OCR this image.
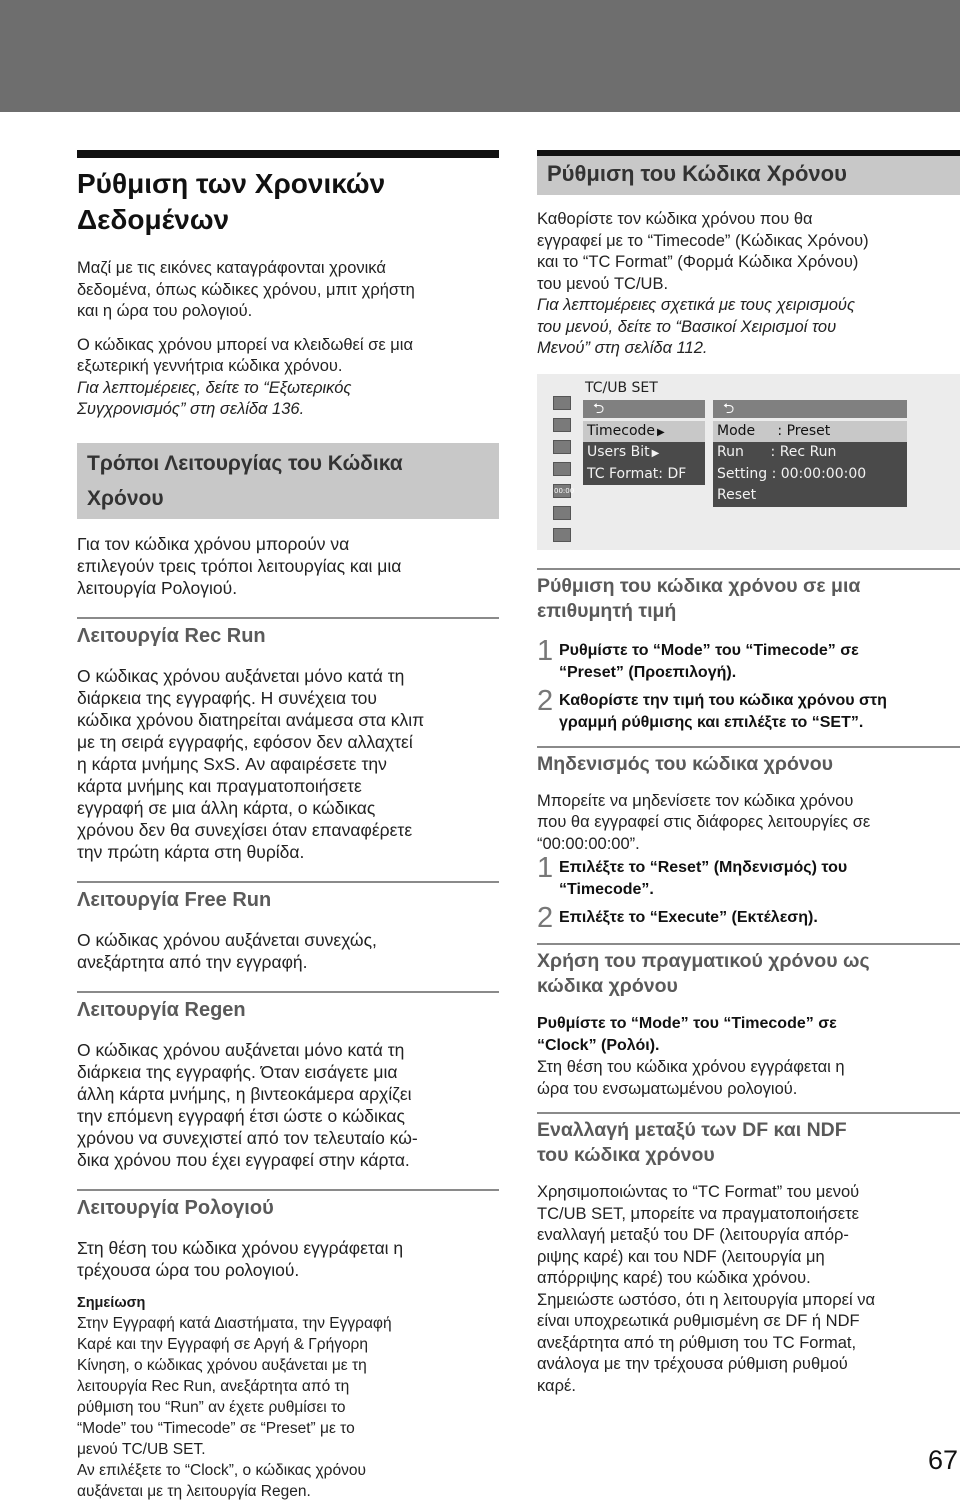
Ρύθμιση των Χρονικών
Δεδομένων
Μαζί με τις εικόνες καταγράφονται χρονικά
δεδομένα, όπως κώδικες χρόνου, μπιτ χρήστη
και η ώρα του ρολογιού.
Ο κώδικας χρόνου μπορεί να κλειδωθεί σε μια
εξωτερική γεννήτρια κώδικα χρόνου.
Για λεπτομέρειες, δείτε το “Εξωτερικός
Συγχρονισμός” στη σελίδα 136.
Τρόποι Λειτουργίας του Κώδικα
Χρόνου
Για τον κώδικα χρόνου μπορούν να
επιλεγούν τρεις τρόποι λειτουργίας και μια
λειτουργία Ρολογιού.
Λειτουργία Rec Run
Ο κώδικας χρόνου αυξάνεται μόνο κατά τη
διάρκεια της εγγραφής. Η συνέχεια του
κώδικα χρόνου διατηρείται ανάμεσα στα κλιπ
με τη σειρά εγγραφής, εφόσον δεν αλλαχτεί
η κάρτα μνήμης SxS. Αν αφαιρέσετε την
κάρτα μνήμης και πραγματοποιήσετε
εγγραφή σε μια άλλη κάρτα, ο κώδικας
χρόνου δεν θα συνεχίσει όταν επαναφέρετε
την πρώτη κάρτα στη θυρίδα.
Λειτουργία Free Run
Ο κώδικας χρόνου αυξάνεται συνεχώς,
ανεξάρτητα από την εγγραφή.
Λειτουργία Regen
Ο κώδικας χρόνου αυξάνεται μόνο κατά τη
διάρκεια της εγγραφής. Όταν εισάγετε μια
άλλη κάρτα μνήμης, η βιντεοκάμερα αρχίζει
την επόμενη εγγραφή έτσι ώστε ο κώδικας
χρόνου να συνεχιστεί από τον τελευταίο κώ-
δικα χρόνου που έχει εγγραφεί στην κάρτα.
Λειτουργία Ρολογιού
Στη θέση του κώδικα χρόνου εγγράφεται η
τρέχουσα ώρα του ρολογιού.
Σημείωση
Στην Εγγραφή κατά Διαστήματα, την Εγγραφή
Καρέ και την Εγγραφή σε Αργή & Γρήγορη
Κίνηση, ο κώδικας χρόνου αυξάνεται με τη
λειτουργία Rec Run, ανεξάρτητα από τη
ρύθμιση του “Run” αν έχετε ρυθμίσει το
“Mode” του “Timecode” σε “Preset” με το
μενού TC/UB SET.
Αν επιλέξετε το “Clock”, ο κώδικας χρόνου
αυξάνεται με τη λειτουργία Regen.
Ρύθμιση του Κώδικα Χρόνου
Καθορίστε τον κώδικα χρόνου που θα
εγγραφεί με το “Timecode” (Κώδικας Χρόνου)
και το “TC Format” (Φορμά Κώδικα Χρόνου)
του μενού TC/UB.
Για λεπτομέρειες σχετικά με τους χειρισμούς
του μενού, δείτε το “Βασικοί Χειρισμοί του
Μενού” στη σελίδα 112.
TC/UB SET
00:00
⮌
Timecode ▶
Users Bit ▶
TC Format: DF
⮌
Mode     : Preset
Run      : Rec Run
Setting : 00:00:00:00
Reset
Ρύθμιση του κώδικα χρόνου σε μια
επιθυμητή τιμή
1 Ρυθμίστε το “Mode” του “Timecode” σε
“Preset” (Προεπιλογή).
2 Καθορίστε την τιμή του κώδικα χρόνου στη
γραμμή ρύθμισης και επιλέξτε το “SET”.
Μηδενισμός του κώδικα χρόνου
Μπορείτε να μηδενίσετε τον κώδικα χρόνου
που θα εγγραφεί στις διάφορες λειτουργίες σε
“00:00:00:00”.
1 Επιλέξτε το “Reset” (Μηδενισμός) του
“Timecode”.
2 Επιλέξτε το “Execute” (Εκτέλεση).
Χρήση του πραγματικού χρόνου ως
κώδικα χρόνου
Ρυθμίστε το “Mode” του “Timecode” σε
“Clock” (Ρολόι).
Στη θέση του κώδικα χρόνου εγγράφεται η
ώρα του ενσωματωμένου ρολογιού.
Εναλλαγή μεταξύ των DF και NDF
του κώδικα χρόνου
Χρησιμοποιώντας το “TC Format” του μενού
TC/UB SET, μπορείτε να πραγματοποιήσετε
εναλλαγή μεταξύ του DF (λειτουργία απόρ-
ριψης καρέ) και του NDF (λειτουργία μη
απόρριψης καρέ) του κώδικα χρόνου.
Σημειώστε ωστόσο, ότι η λειτουργία μπορεί να
είναι υποχρεωτικά ρυθμισμένη σε DF ή NDF
ανεξάρτητα από τη ρύθμιση του TC Format,
ανάλογα με την τρέχουσα ρύθμιση ρυθμού
καρέ.
67
